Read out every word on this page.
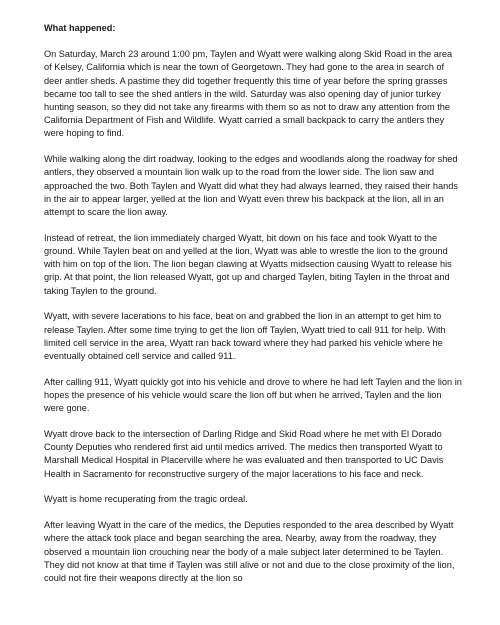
What happened:
On Saturday, March 23 around 1:00 pm, Taylen and Wyatt were walking along Skid Road in the area of Kelsey, California which is near the town of Georgetown. They had gone to the area in search of deer antler sheds. A pastime they did together frequently this time of year before the spring grasses became too tall to see the shed antlers in the wild. Saturday was also opening day of junior turkey hunting season, so they did not take any firearms with them so as not to draw any attention from the California Department of Fish and Wildlife. Wyatt carried a small backpack to carry the antlers they were hoping to find.
While walking along the dirt roadway, looking to the edges and woodlands along the roadway for shed antlers, they observed a mountain lion walk up to the road from the lower side. The lion saw and approached the two. Both Taylen and Wyatt did what they had always learned, they raised their hands in the air to appear larger, yelled at the lion and Wyatt even threw his backpack at the lion, all in an attempt to scare the lion away.
Instead of retreat, the lion immediately charged Wyatt, bit down on his face and took Wyatt to the ground. While Taylen beat on and yelled at the lion, Wyatt was able to wrestle the lion to the ground with him on top of the lion. The lion began clawing at Wyatts midsection causing Wyatt to release his grip. At that point, the lion released Wyatt, got up and charged Taylen, biting Taylen in the throat and taking Taylen to the ground.
Wyatt, with severe lacerations to his face, beat on and grabbed the lion in an attempt to get him to release Taylen. After some time trying to get the lion off Taylen, Wyatt tried to call 911 for help. With limited cell service in the area, Wyatt ran back toward where they had parked his vehicle where he eventually obtained cell service and called 911.
After calling 911, Wyatt quickly got into his vehicle and drove to where he had left Taylen and the lion in hopes the presence of his vehicle would scare the lion off but when he arrived, Taylen and the lion were gone.
Wyatt drove back to the intersection of Darling Ridge and Skid Road where he met with El Dorado County Deputies who rendered first aid until medics arrived. The medics then transported Wyatt to Marshall Medical Hospital in Placerville where he was evaluated and then transported to UC Davis Health in Sacramento for reconstructive surgery of the major lacerations to his face and neck.
Wyatt is home recuperating from the tragic ordeal.
After leaving Wyatt in the care of the medics, the Deputies responded to the area described by Wyatt where the attack took place and began searching the area. Nearby, away from the roadway, they observed a mountain lion crouching near the body of a male subject later determined to be Taylen. They did not know at that time if Taylen was still alive or not and due to the close proximity of the lion, could not fire their weapons directly at the lion so
